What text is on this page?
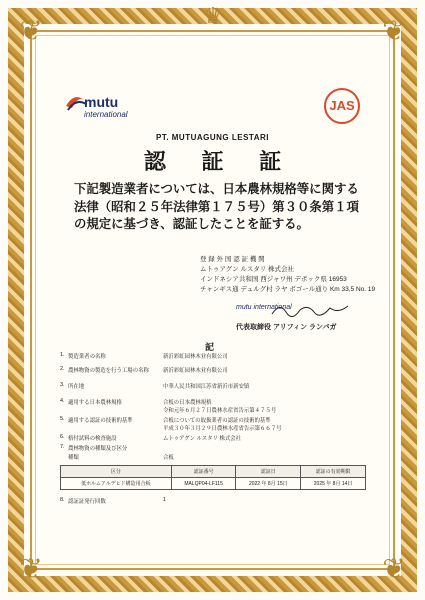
❦	❦
❦	❦
♛
mutu
international
JAS
PT. MUTUAGUNG LESTARI
認 証 証
下記製造業者については、日本農林規格等に関する法律（昭和２５年法律第１７５号）第３０条第１項 の規定に基づき、認証したことを証する。
登 録 外 国 認 証 機 関
ムトゥアグン ルスタリ 株式会社
インドネシア共和国 西ジャワ州 デポック県 16953
チャンギス通 デュルグ村 ラヤ ボゴール通り Km 33,5 No. 19
mutu international
代表取締役 アリフィン ランバガ
記
1. 製造業者の名称	新沂彩虹园林木业有限公司
2. 農林物資の製造を行う工場の名称	新沂彩虹园林木业有限公司
3. 所在地	中華人民共和国江苏省新沂市新安镇
4. 適用する日本農林規格	合板の日本農林規格
令和元年６月２７日農林水産省告示第４７５号
5. 適用する認証の技術的基準	合板についての取扱業者の認証の技術的基準
平成３０年３月２９日農林水産省告示第６６７号
6. 格付試料の検査施設	ムトゥアグン ルスタリ 株式会社
7. 農林物資の種類及び区分
種類	合板
区分	認証番号	認証日	認証の有効期限
低ホルムアルデヒド構造用合板	MALQP04-LF115	2022 年 8月 15日	2025 年 8月 14日
8. 認証証発行回数	1
